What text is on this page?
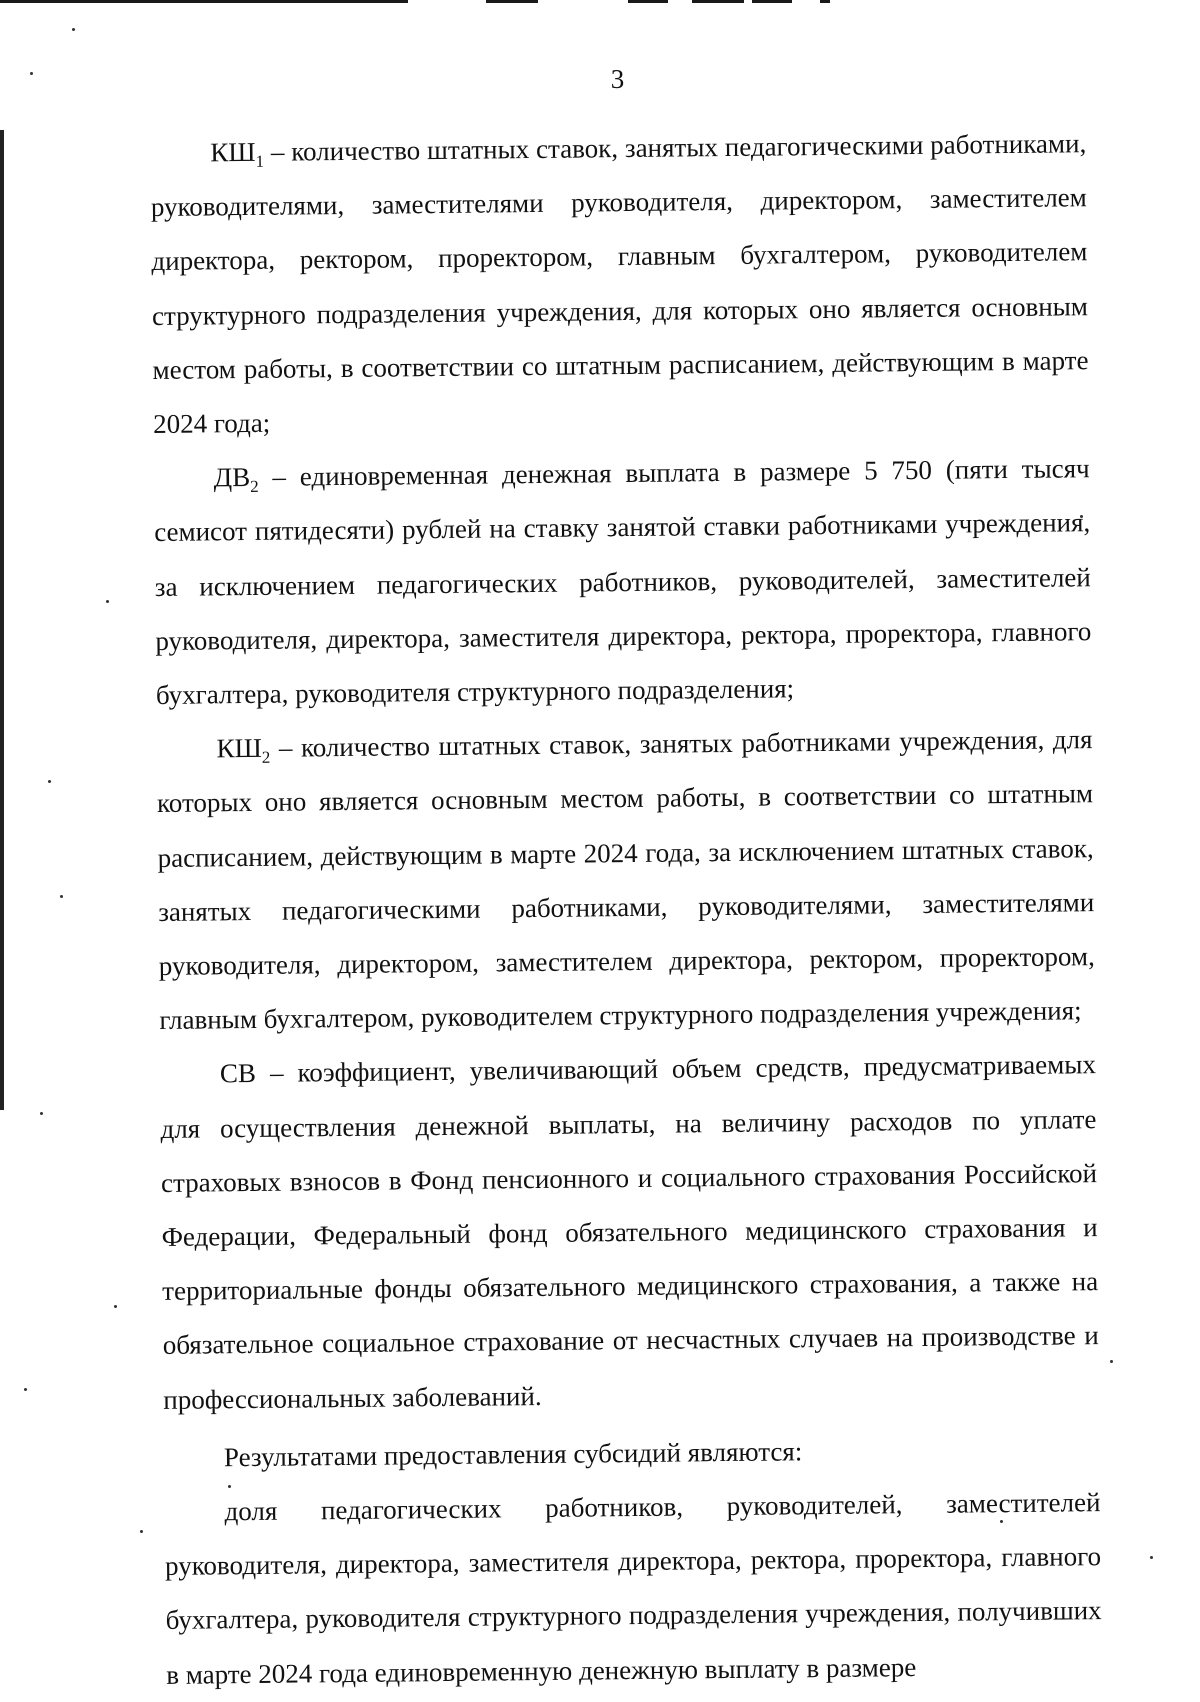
3

$КШ_1$ – количество штатных ставок, занятых педагогическими работниками, руководителями, заместителями руководителя, директором, заместителем директора, ректором, проректором, главным бухгалтером, руководителем структурного подразделения учреждения, для которых оно является основным местом работы, в соответствии со штатным расписанием, действующим в марте 2024 года;

$ДВ_2$ – единовременная денежная выплата в размере 5 750 (пяти тысяч семисот пятидесяти) рублей на ставку занятой ставки работниками учреждения, за исключением педагогических работников, руководителей, заместителей руководителя, директора, заместителя директора, ректора, проректора, главного бухгалтера, руководителя структурного подразделения;

$КШ_2$ – количество штатных ставок, занятых работниками учреждения, для которых оно является основным местом работы, в соответствии со штатным расписанием, действующим в марте 2024 года, за исключением штатных ставок, занятых педагогическими работниками, руководителями, заместителями руководителя, директором, заместителем директора, ректором, проректором, главным бухгалтером, руководителем структурного подразделения учреждения;

СВ – коэффициент, увеличивающий объем средств, предусматриваемых для осуществления денежной выплаты, на величину расходов по уплате страховых взносов в Фонд пенсионного и социального страхования Российской Федерации, Федеральный фонд обязательного медицинского страхования и территориальные фонды обязательного медицинского страхования, а также на обязательное социальное страхование от несчастных случаев на производстве и профессиональных заболеваний.

Результатами предоставления субсидий являются:

доля педагогических работников, руководителей, заместителей руководителя, директора, заместителя директора, ректора, проректора, главного бухгалтера, руководителя структурного подразделения учреждения, получивших в марте 2024 года единовременную денежную выплату в размере
